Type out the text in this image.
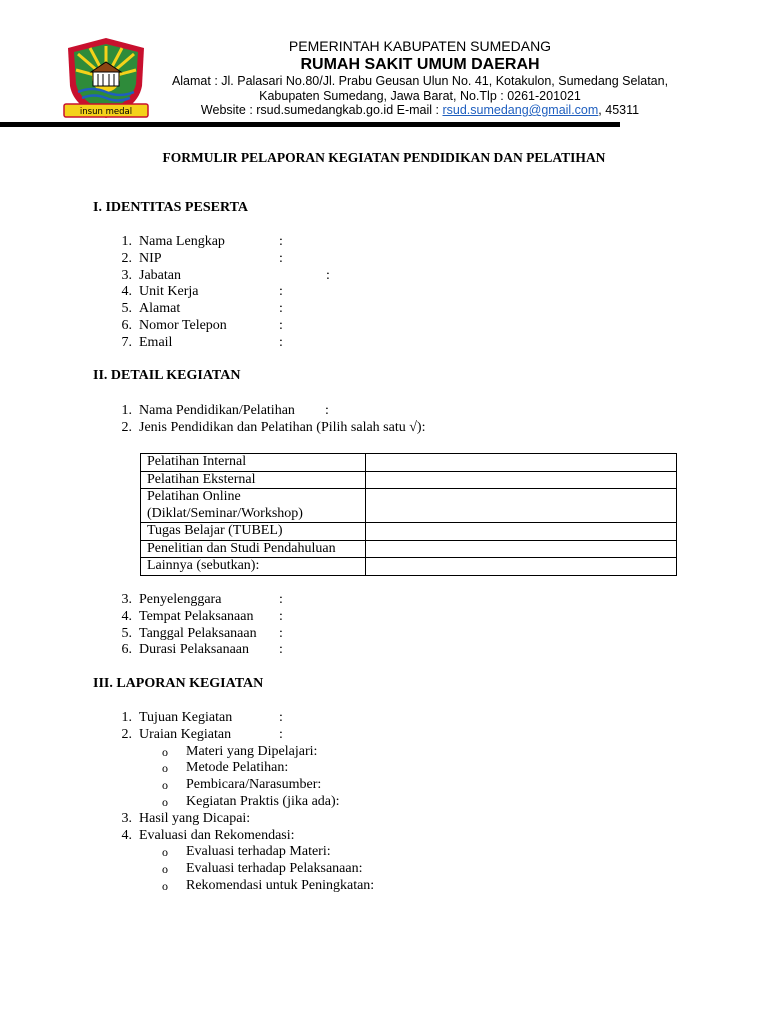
insun medal
PEMERINTAH KABUPATEN SUMEDANG
RUMAH SAKIT UMUM DAERAH
Alamat : Jl. Palasari No.80/Jl. Prabu Geusan Ulun No. 41, Kotakulon, Sumedang Selatan,
Kabupaten Sumedang, Jawa Barat, No.Tlp : 0261-201021
Website : rsud.sumedangkab.go.id E-mail : rsud.sumedang@gmail.com, 45311
FORMULIR PELAPORAN KEGIATAN PENDIDIKAN DAN PELATIHAN
I. IDENTITAS PESERTA
1. Nama Lengkap	:
2. NIP	:
3. Jabatan	:
4. Unit Kerja	:
5. Alamat	:
6. Nomor Telepon	:
7. Email	:
II. DETAIL KEGIATAN
1. Nama Pendidikan/Pelatihan :
2. Jenis Pendidikan dan Pelatihan (Pilih salah satu √):
Pelatihan Internal	

Pelatihan Eksternal	

Pelatihan Online
(Diklat/Seminar/Workshop)	

Tugas Belajar (TUBEL)	

Penelitian dan Studi Pendahuluan	

Lainnya (sebutkan):	

3. Penyelenggara	:
4. Tempat Pelaksanaan :
5. Tanggal Pelaksanaan :
6. Durasi Pelaksanaan :
III. LAPORAN KEGIATAN
1. Tujuan Kegiatan	:
2. Uraian Kegiatan	:
o Materi yang Dipelajari:
o Metode Pelatihan:
o Pembicara/Narasumber:
o Kegiatan Praktis (jika ada):
3. Hasil yang Dicapai:
4. Evaluasi dan Rekomendasi:
o Evaluasi terhadap Materi:
o Evaluasi terhadap Pelaksanaan:
o Rekomendasi untuk Peningkatan:
